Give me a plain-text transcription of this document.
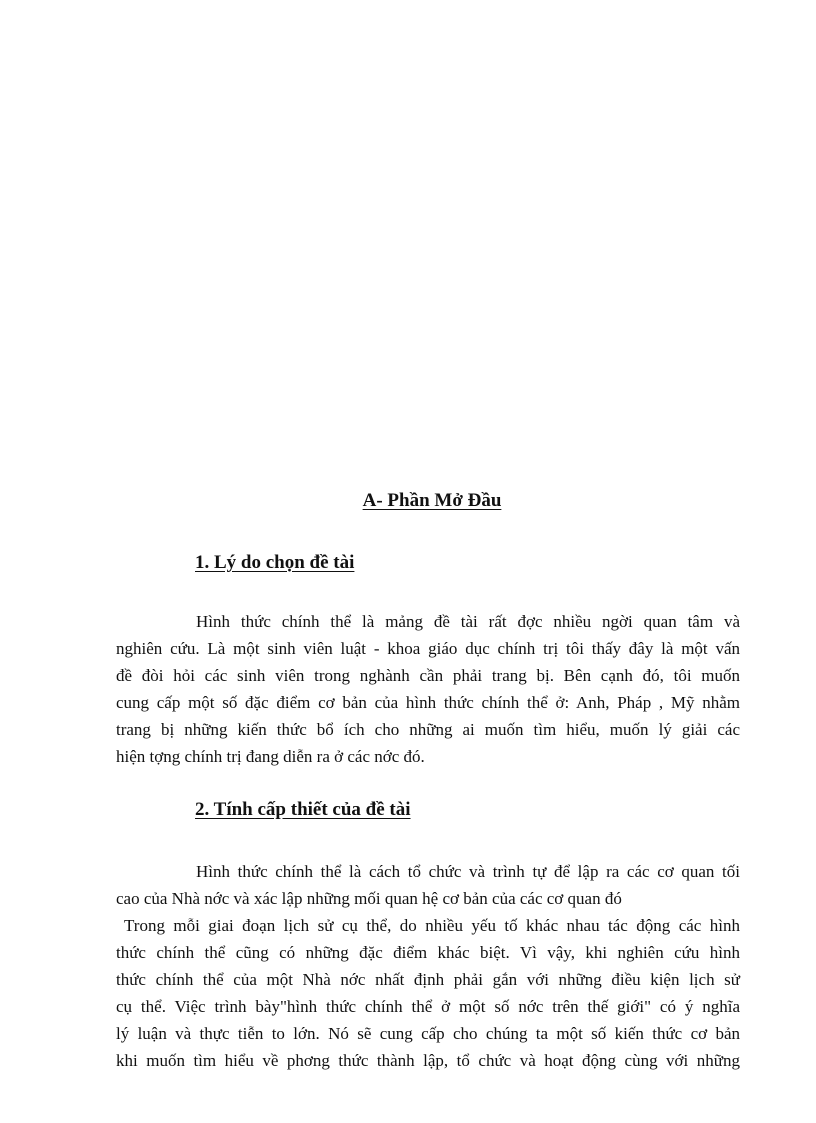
A- Phần Mở Đầu
1. Lý do chọn đề tài

Hình thức chính thể là mảng đề tài rất đợc nhiều ngời quan tâm và
nghiên cứu. Là một sinh viên luật - khoa giáo dục chính trị tôi thấy đây là một vấn
đề đòi hỏi các sinh viên trong nghành cần phải trang bị. Bên cạnh đó, tôi muốn
cung cấp một số đặc điểm cơ bản của hình thức chính thể ở: Anh, Pháp , Mỹ nhằm
trang bị những kiến thức bổ ích cho những ai muốn tìm hiểu, muốn lý giải các
hiện tợng chính trị đang diễn ra ở các nớc đó.

2. Tính cấp thiết của đề tài

Hình thức chính thể là cách tổ chức và trình tự để lập ra các cơ quan tối
cao của Nhà nớc và xác lập những mối quan hệ cơ bản của các cơ quan đó
Trong mỗi giai đoạn lịch sử cụ thể, do nhiều yếu tố khác nhau tác động các hình
thức chính thể cũng có những đặc điểm khác biệt. Vì vậy, khi nghiên cứu hình
thức chính thể của một Nhà nớc nhất định phải gắn với những điều kiện lịch sử
cụ thể. Việc trình bày"hình thức chính thể ở một số nớc trên thế giới" có ý nghĩa
lý luận và thực tiễn to lớn. Nó sẽ cung cấp cho chúng ta một số kiến thức cơ bản
khi muốn tìm hiểu về phơng thức thành lập, tổ chức và hoạt động cùng với những
